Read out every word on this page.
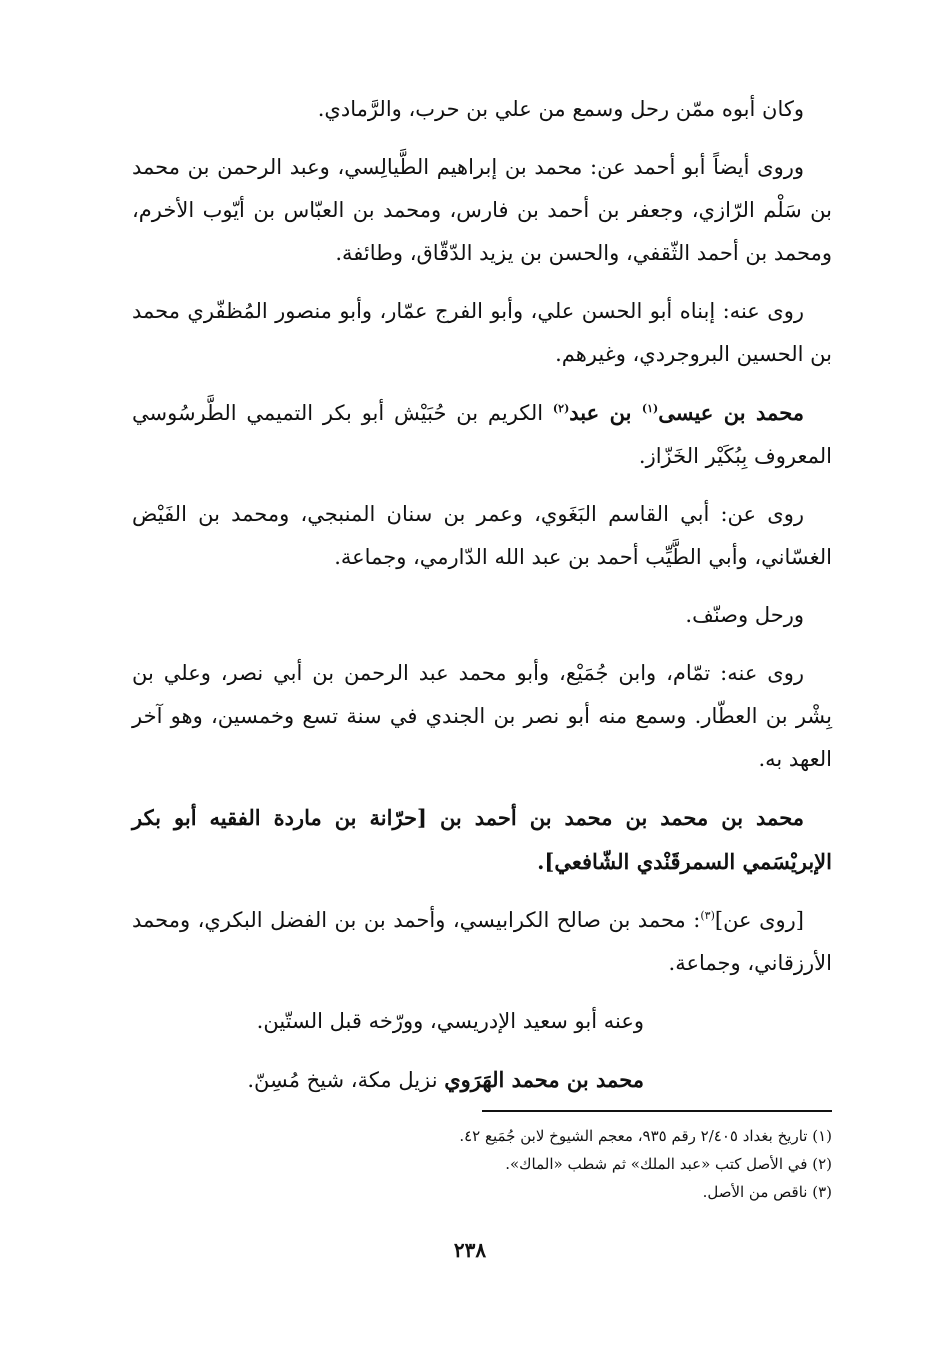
وكان أبوه ممّن رحل وسمع من علي بن حرب، والرَّمادي.

وروى أيضاً أبو أحمد عن: محمد بن إبراهيم الطَّيالِسي، وعبد الرحمن بن محمد بن سَلْم الرّازي، وجعفر بن أحمد بن فارس، ومحمد بن العبّاس بن أيّوب الأخرم، ومحمد بن أحمد الثّقفي، والحسن بن يزيد الدّقّاق، وطائفة.

روى عنه: إبناه أبو الحسن علي، وأبو الفرج عمّار، وأبو منصور المُظفّري محمد بن الحسين البروجردي، وغيرهم.

محمد بن عيسى$^{(١)}$ بن عبد$^{(٢)}$ الكريم بن حُبَيْش أبو بكر التميمي الطَّرسُوسي المعروف بِبُكَيْر الخَزّاز.

روى عن: أبي القاسم البَغَوي، وعمر بن سنان المنبجي، ومحمد بن الفَيْض الغسّاني، وأبي الطَّيِّب أحمد بن عبد الله الدّارمي، وجماعة.

ورحل وصنّف.

روى عنه: تمّام، وابن جُمَيْع، وأبو محمد عبد الرحمن بن أبي نصر، وعلي بن بِشْر بن العطّار. وسمع منه أبو نصر بن الجندي في سنة تسع وخمسين، وهو آخر العهد به.

محمد بن محمد بن محمد بن أحمد بن [حرّانة بن ماردة الفقيه أبو بكر الإبريْسَمي السمرقَنْدي الشّافعي].

[روى عن]$^{(٣)}$: محمد بن صالح الكرابيسي، وأحمد بن بن الفضل البكري، ومحمد الأرزقاني، وجماعة.

وعنه أبو سعيد الإدريسي، وورّخه قبل الستّين.

محمد بن محمد الهَرَوي نزيل مكة، شيخ مُسِنّ.

(١) تاريخ بغداد ٢/٤٠٥ رقم ٩٣٥، معجم الشيوخ لابن جُمَيع ٤٢.

(٢) في الأصل كتب «عبد الملك» ثم شطب «الماك».

(٣) ناقص من الأصل.

٢٣٨
